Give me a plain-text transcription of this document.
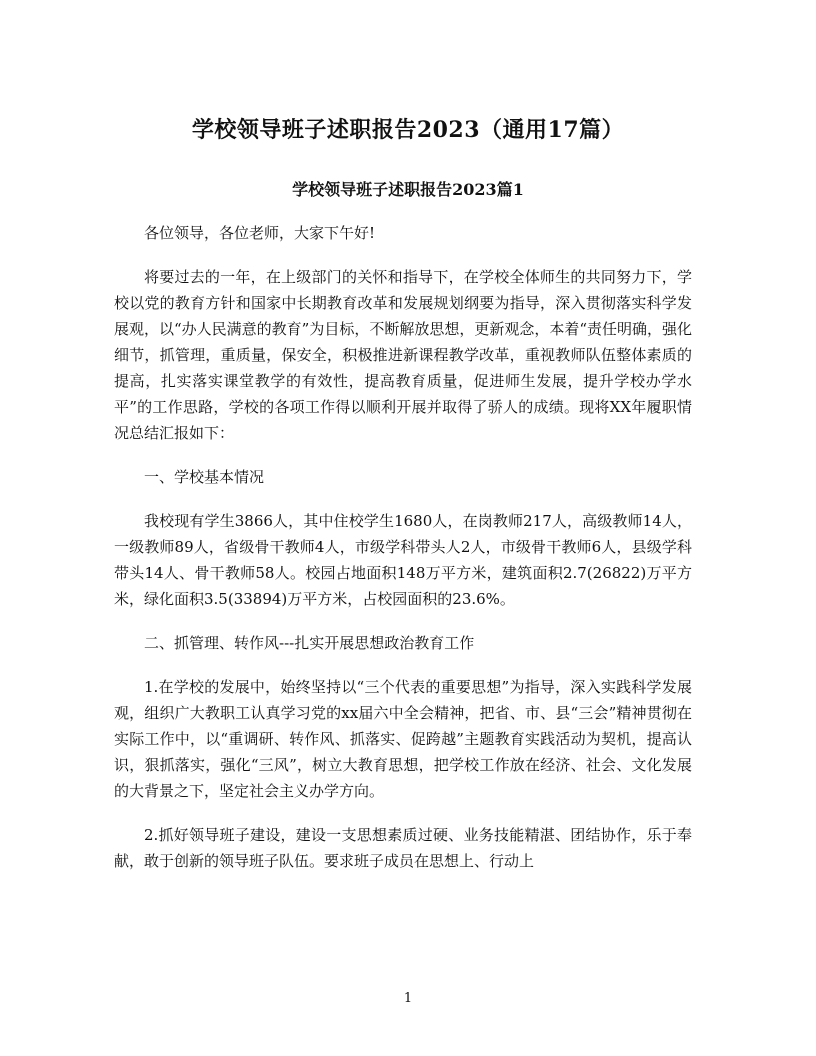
学校领导班子述职报告2023（通用17篇）
学校领导班子述职报告2023篇1

各位领导，各位老师，大家下午好!

将要过去的一年，在上级部门的关怀和指导下，在学校全体师生的共同努力下，学校以党的教育方针和国家中长期教育改革和发展规划纲要为指导，深入贯彻落实科学发展观，以“办人民满意的教育”为目标，不断解放思想，更新观念，本着“责任明确，强化细节，抓管理，重质量，保安全，积极推进新课程教学改革，重视教师队伍整体素质的提高，扎实落实课堂教学的有效性，提高教育质量，促进师生发展，提升学校办学水平”的工作思路，学校的各项工作得以顺利开展并取得了骄人的成绩。现将XX年履职情况总结汇报如下：

一、学校基本情况

我校现有学生3866人，其中住校学生1680人，在岗教师217人，高级教师14人，一级教师89人，省级骨干教师4人，市级学科带头人2人，市级骨干教师6人，县级学科带头14人、骨干教师58人。校园占地面积148万平方米，建筑面积2.7(26822)万平方米，绿化面积3.5(33894)万平方米，占校园面积的23.6%。

二、抓管理、转作风---扎实开展思想政治教育工作

1.在学校的发展中，始终坚持以“三个代表的重要思想”为指导，深入实践科学发展观，组织广大教职工认真学习党的xx届六中全会精神，把省、市、县“三会”精神贯彻在实际工作中，以“重调研、转作风、抓落实、促跨越”主题教育实践活动为契机，提高认识，狠抓落实，强化“三风”，树立大教育思想，把学校工作放在经济、社会、文化发展的大背景之下，坚定社会主义办学方向。

2.抓好领导班子建设，建设一支思想素质过硬、业务技能精湛、团结协作，乐于奉献，敢于创新的领导班子队伍。要求班子成员在思想上、行动上

1
